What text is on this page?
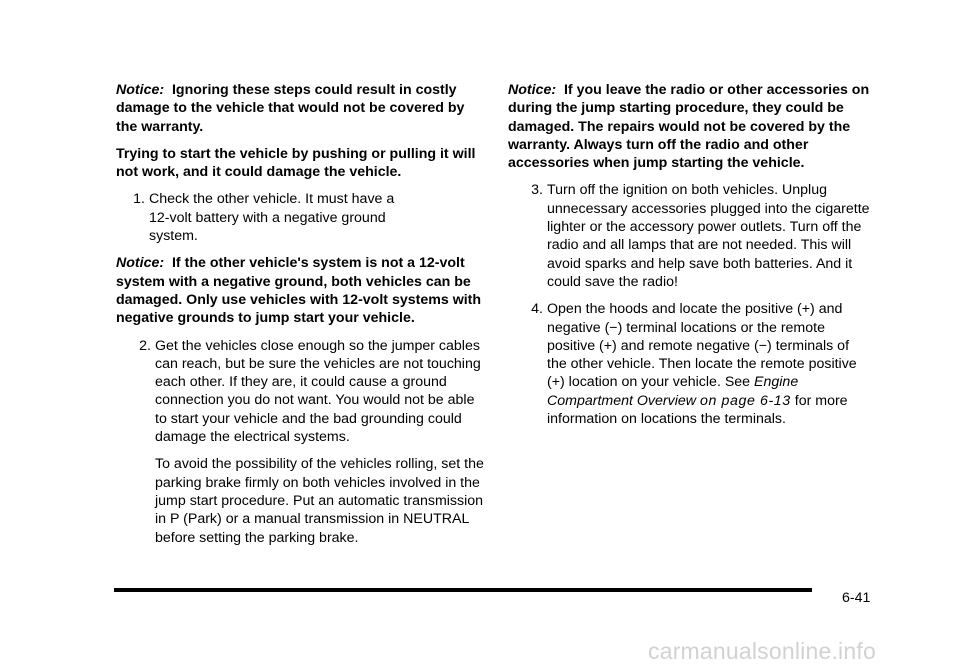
Notice: Ignoring these steps could result in costly damage to the vehicle that would not be covered by the warranty.

Trying to start the vehicle by pushing or pulling it will not work, and it could damage the vehicle.

1. Check the other vehicle. It must have a 12-volt battery with a negative ground system.

Notice: If the other vehicle's system is not a 12-volt system with a negative ground, both vehicles can be damaged. Only use vehicles with 12-volt systems with negative grounds to jump start your vehicle.

2. Get the vehicles close enough so the jumper cables can reach, but be sure the vehicles are not touching each other. If they are, it could cause a ground connection you do not want. You would not be able to start your vehicle and the bad grounding could damage the electrical systems.

To avoid the possibility of the vehicles rolling, set the parking brake firmly on both vehicles involved in the jump start procedure. Put an automatic transmission in P (Park) or a manual transmission in NEUTRAL before setting the parking brake.

Notice: If you leave the radio or other accessories on during the jump starting procedure, they could be damaged. The repairs would not be covered by the warranty. Always turn off the radio and other accessories when jump starting the vehicle.

3. Turn off the ignition on both vehicles. Unplug unnecessary accessories plugged into the cigarette lighter or the accessory power outlets. Turn off the radio and all lamps that are not needed. This will avoid sparks and help save both batteries. And it could save the radio!

4. Open the hoods and locate the positive (+) and negative (−) terminal locations or the remote positive (+) and remote negative (−) terminals of the other vehicle. Then locate the remote positive (+) location on your vehicle. See Engine Compartment Overview on page 6-13 for more information on locations the terminals.

6-41
carmanualsonline.info
